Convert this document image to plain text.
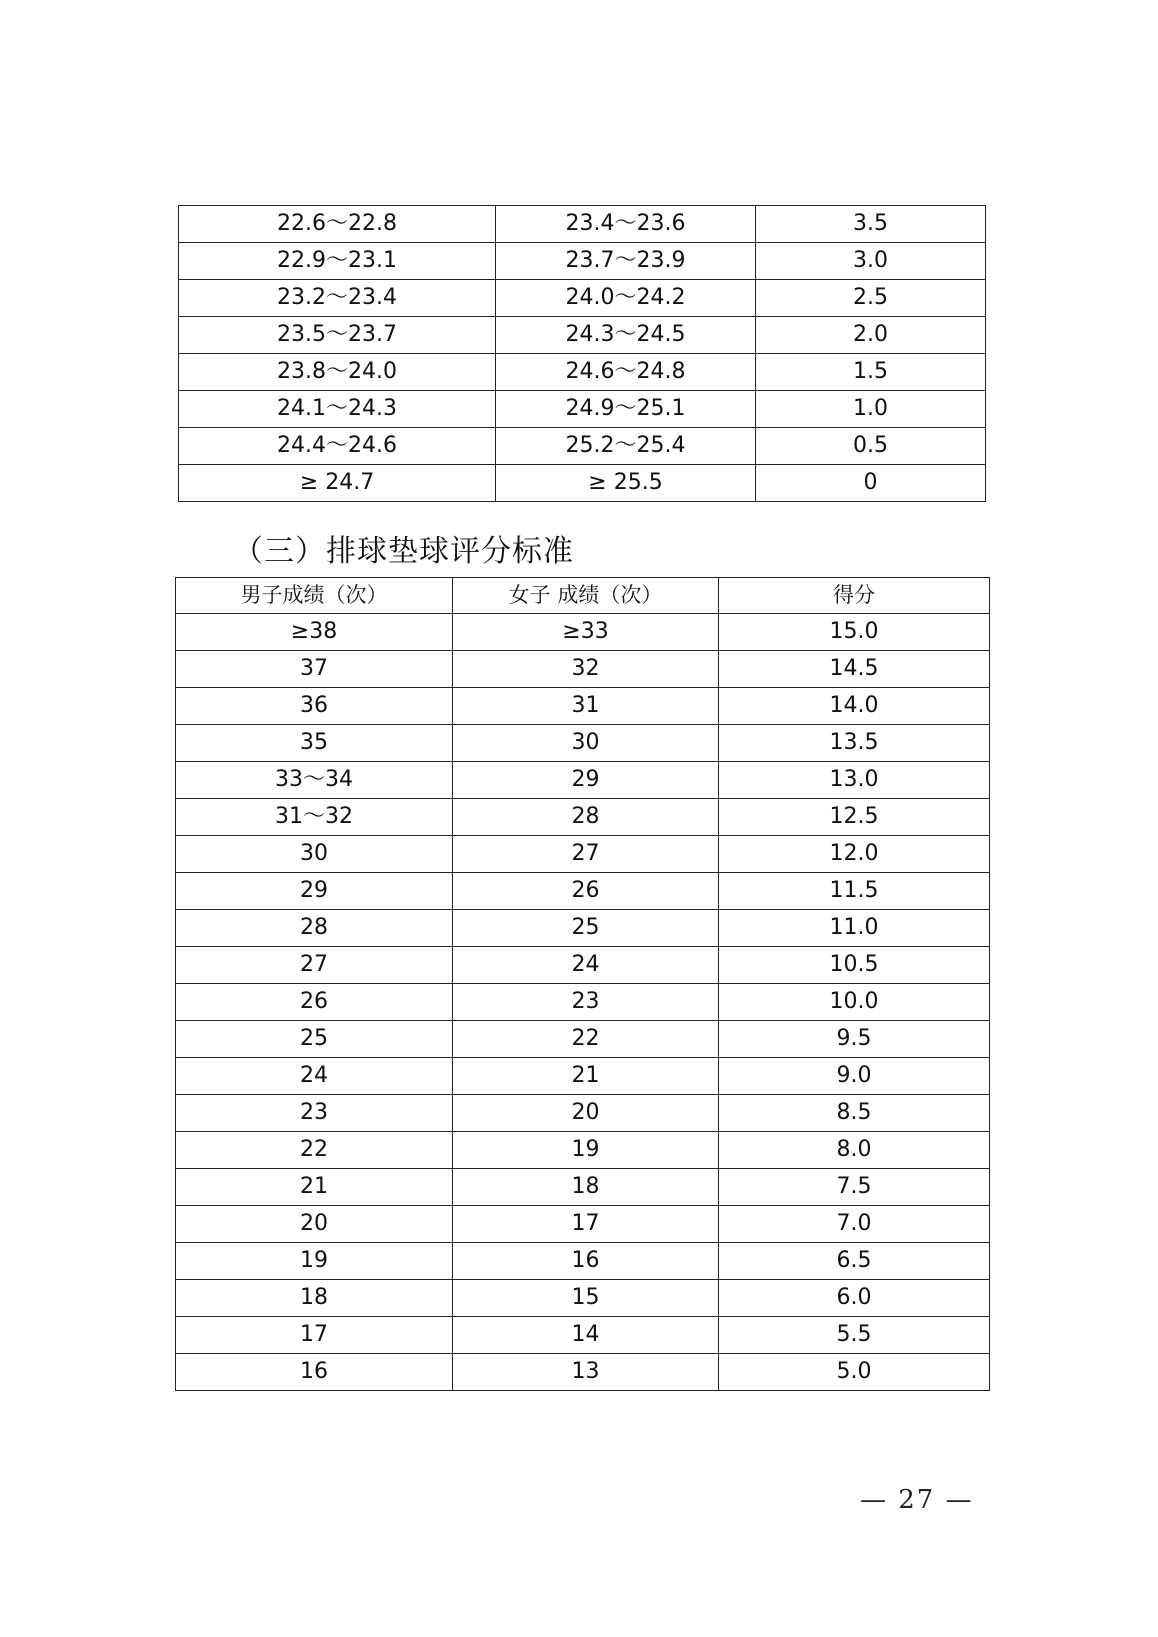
22.6～22.8	23.4～23.6	3.5
22.9～23.1	23.7～23.9	3.0
23.2～23.4	24.0～24.2	2.5
23.5～23.7	24.3～24.5	2.0
23.8～24.0	24.6～24.8	1.5
24.1～24.3	24.9～25.1	1.0
24.4～24.6	25.2～25.4	0.5
≥ 24.7	≥ 25.5	0
（三）排球垫球评分标准
男子成绩（次）	女子 成绩（次）	得分
≥38	≥33	15.0
37	32	14.5
36	31	14.0
35	30	13.5
33～34	29	13.0
31～32	28	12.5
30	27	12.0
29	26	11.5
28	25	11.0
27	24	10.5
26	23	10.0
25	22	9.5
24	21	9.0
23	20	8.5
22	19	8.0
21	18	7.5
20	17	7.0
19	16	6.5
18	15	6.0
17	14	5.5
16	13	5.0
— 27 —
